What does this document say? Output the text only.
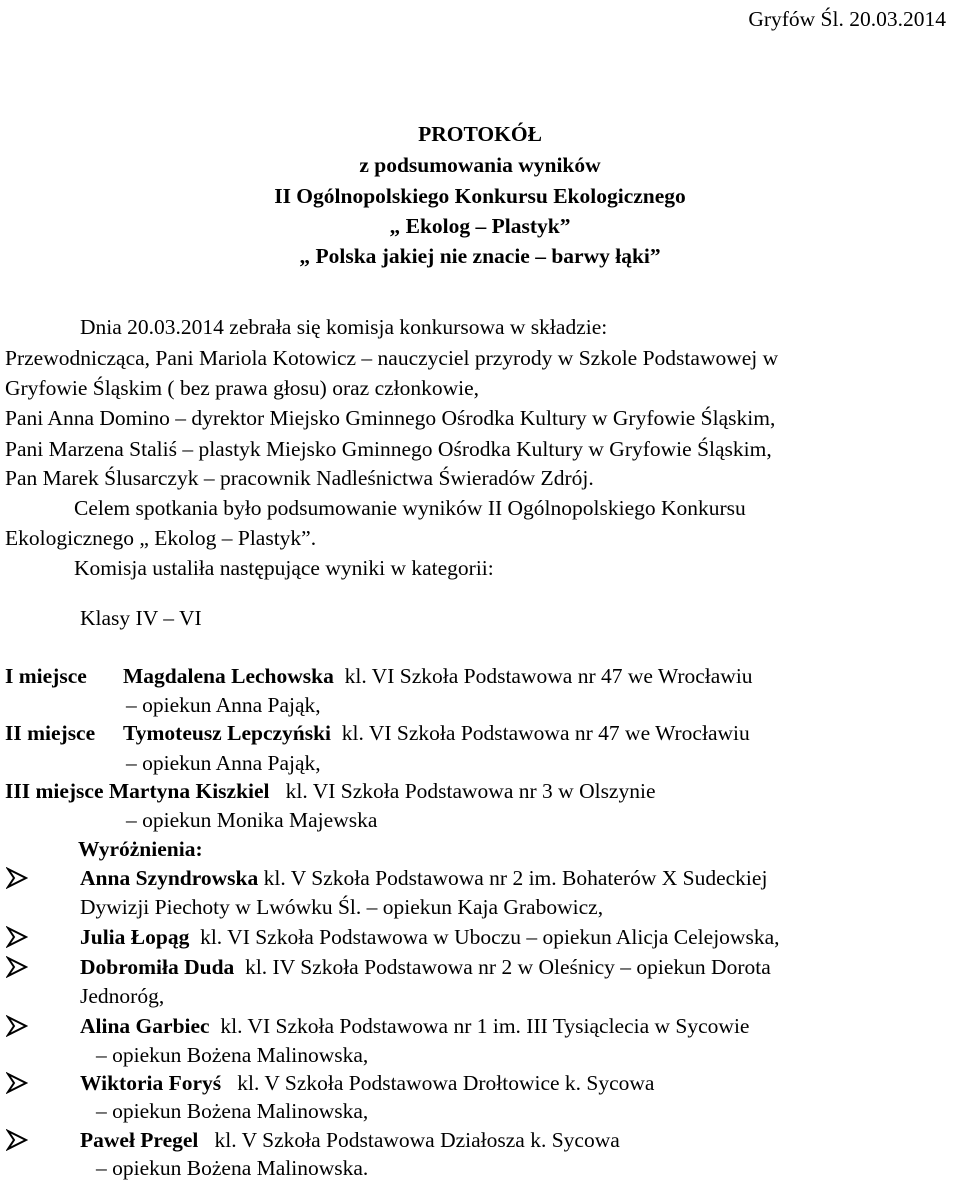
Gryfów Śl. 20.03.2014
PROTOKÓŁ
z podsumowania wyników
II Ogólnopolskiego Konkursu Ekologicznego
„ Ekolog – Plastyk”
„ Polska jakiej nie znacie – barwy łąki”
Dnia 20.03.2014 zebrała się komisja konkursowa w składzie:
Przewodnicząca, Pani Mariola Kotowicz – nauczyciel przyrody w Szkole Podstawowej w
Gryfowie Śląskim ( bez prawa głosu) oraz członkowie,
Pani Anna Domino – dyrektor Miejsko Gminnego Ośrodka Kultury w Gryfowie Śląskim,
Pani Marzena Staliś – plastyk Miejsko Gminnego Ośrodka Kultury w Gryfowie Śląskim,
Pan Marek Ślusarczyk – pracownik Nadleśnictwa Świeradów Zdrój.
Celem spotkania było podsumowanie wyników II Ogólnopolskiego Konkursu
Ekologicznego „ Ekolog – Plastyk”.
Komisja ustaliła następujące wyniki w kategorii:
Klasy IV – VI
I miejsce Magdalena Lechowska kl. VI Szkoła Podstawowa nr 47 we Wrocławiu
– opiekun Anna Pająk,
II miejsce Tymoteusz Lepczyński kl. VI Szkoła Podstawowa nr 47 we Wrocławiu
– opiekun Anna Pająk,
III miejsce Martyna Kiszkiel kl. VI Szkoła Podstawowa nr 3 w Olszynie
– opiekun Monika Majewska
Wyróżnienia:
Anna Szyndrowska kl. V Szkoła Podstawowa nr 2 im. Bohaterów X Sudeckiej
Dywizji Piechoty w Lwówku Śl. – opiekun Kaja Grabowicz,
Julia Łopąg kl. VI Szkoła Podstawowa w Uboczu – opiekun Alicja Celejowska,
Dobromiła Duda kl. IV Szkoła Podstawowa nr 2 w Oleśnicy – opiekun Dorota
Jednoróg,
Alina Garbiec kl. VI Szkoła Podstawowa nr 1 im. III Tysiąclecia w Sycowie
– opiekun Bożena Malinowska,
Wiktoria Foryś kl. V Szkoła Podstawowa Drołtowice k. Sycowa
– opiekun Bożena Malinowska,
Paweł Pregel kl. V Szkoła Podstawowa Działosza k. Sycowa
– opiekun Bożena Malinowska.
